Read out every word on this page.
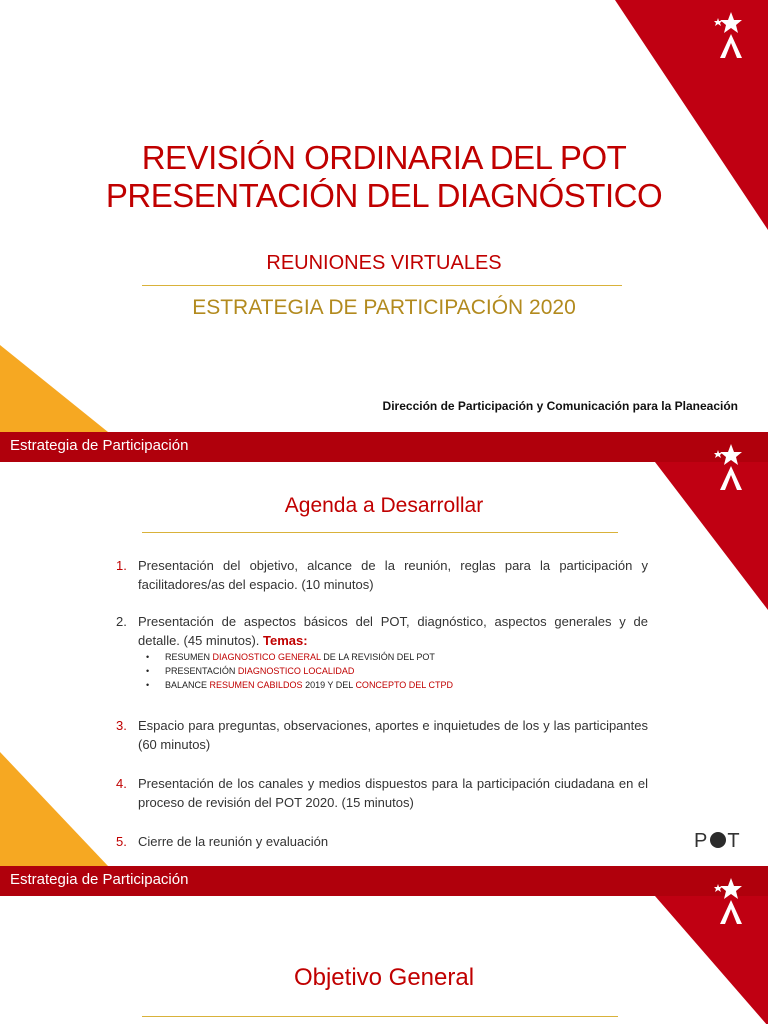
REVISIÓN ORDINARIA DEL POT
PRESENTACIÓN DEL DIAGNÓSTICO
REUNIONES VIRTUALES
ESTRATEGIA DE PARTICIPACIÓN 2020
Dirección de Participación y Comunicación para la Planeación
Estrategia de Participación
Agenda a Desarrollar
1. Presentación del objetivo, alcance de la reunión, reglas para la participación y facilitadores/as del espacio. (10 minutos)
2. Presentación de aspectos básicos del POT, diagnóstico, aspectos generales y de detalle. (45 minutos). Temas:
• RESUMEN DIAGNOSTICO GENERAL DE LA REVISIÓN DEL POT
• PRESENTACIÓN DIAGNOSTICO LOCALIDAD
• BALANCE RESUMEN CABILDOS 2019 Y DEL CONCEPTO DEL CTPD
3. Espacio para preguntas, observaciones, aportes e inquietudes de los y las participantes (60 minutos)
4. Presentación de los canales y medios dispuestos para la participación ciudadana en el proceso de revisión del POT 2020. (15 minutos)
5. Cierre de la reunión y evaluación	P T
Estrategia de Participación
Objetivo General
